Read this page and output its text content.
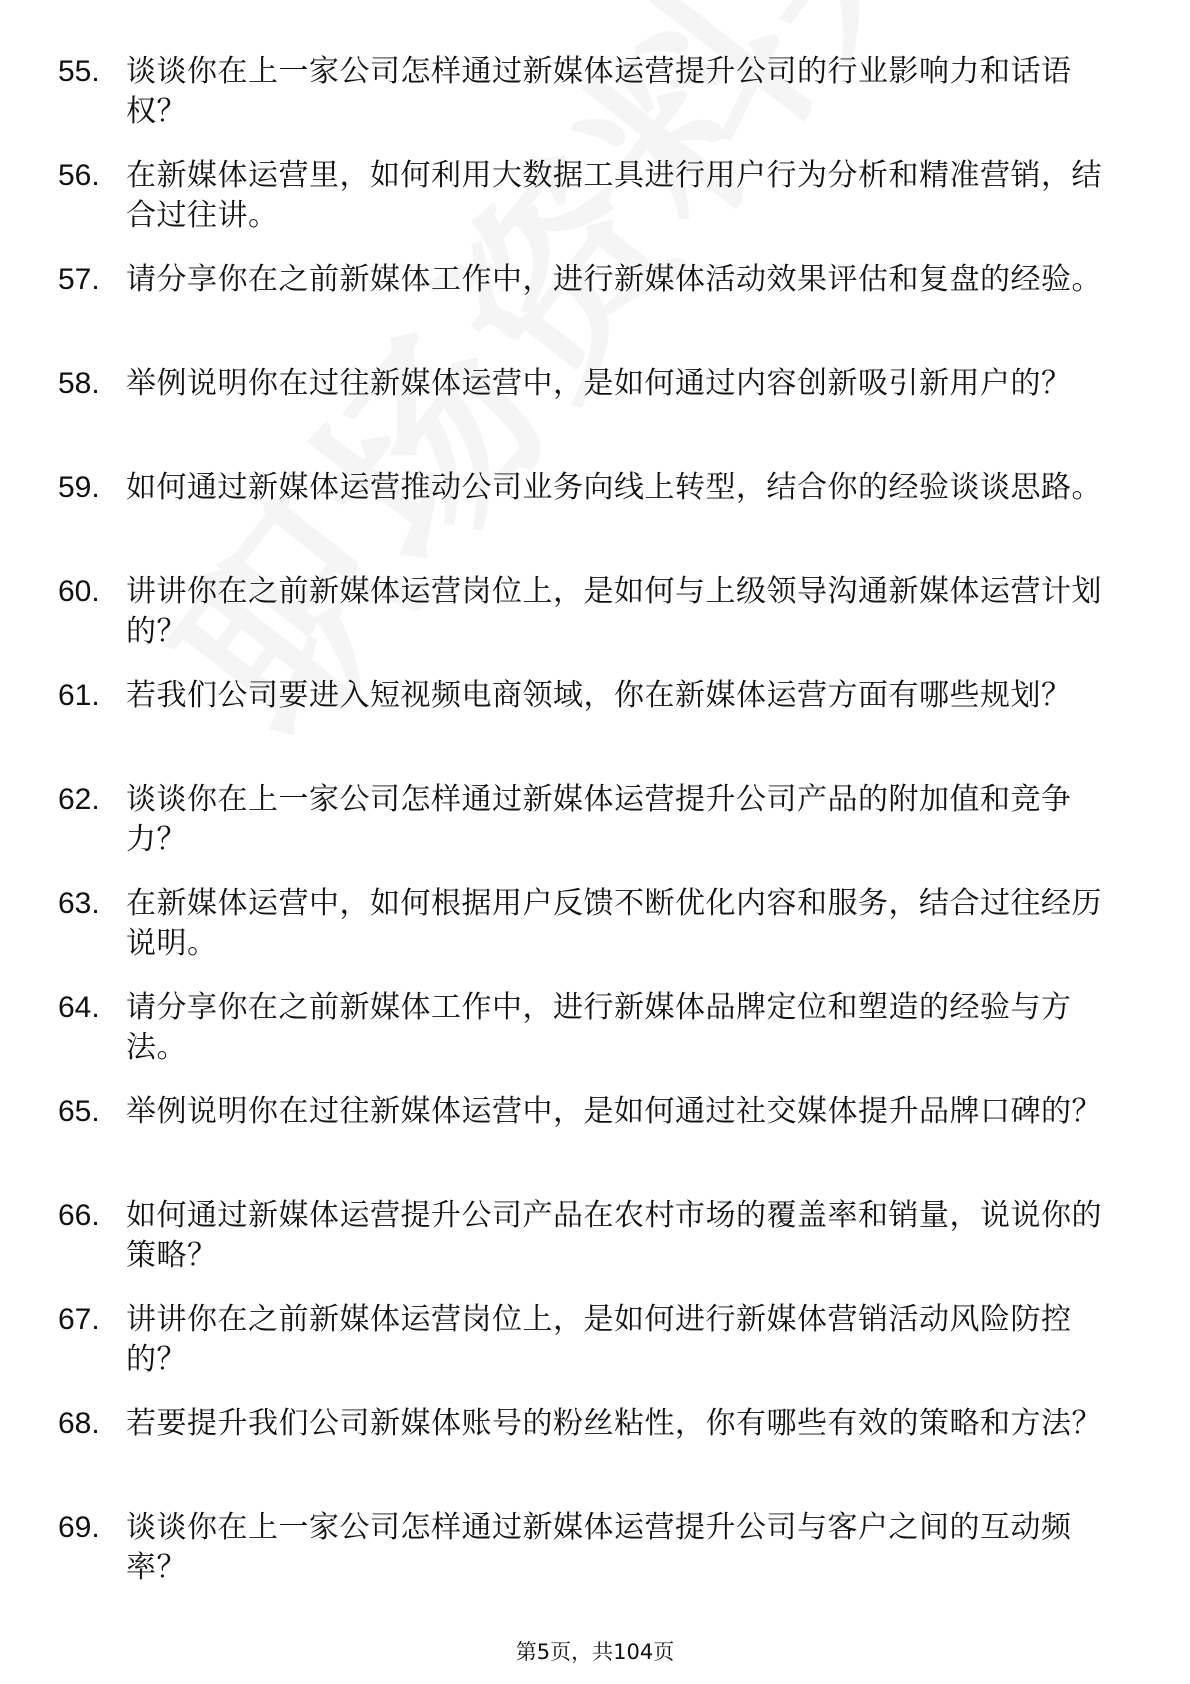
55. 谈谈你在上一家公司怎样通过新媒体运营提升公司的行业影响力和话语权？
56. 在新媒体运营里，如何利用大数据工具进行用户行为分析和精准营销，结合过往讲。
57. 请分享你在之前新媒体工作中，进行新媒体活动效果评估和复盘的经验。
58. 举例说明你在过往新媒体运营中，是如何通过内容创新吸引新用户的？
59. 如何通过新媒体运营推动公司业务向线上转型，结合你的经验谈谈思路。
60. 讲讲你在之前新媒体运营岗位上，是如何与上级领导沟通新媒体运营计划的？
61. 若我们公司要进入短视频电商领域，你在新媒体运营方面有哪些规划？
62. 谈谈你在上一家公司怎样通过新媒体运营提升公司产品的附加值和竞争力？
63. 在新媒体运营中，如何根据用户反馈不断优化内容和服务，结合过往经历说明。
64. 请分享你在之前新媒体工作中，进行新媒体品牌定位和塑造的经验与方法。
65. 举例说明你在过往新媒体运营中，是如何通过社交媒体提升品牌口碑的？
66. 如何通过新媒体运营提升公司产品在农村市场的覆盖率和销量，说说你的策略？
67. 讲讲你在之前新媒体运营岗位上，是如何进行新媒体营销活动风险防控的？
68. 若要提升我们公司新媒体账号的粉丝粘性，你有哪些有效的策略和方法？
69. 谈谈你在上一家公司怎样通过新媒体运营提升公司与客户之间的互动频率？
第5页，共104页
